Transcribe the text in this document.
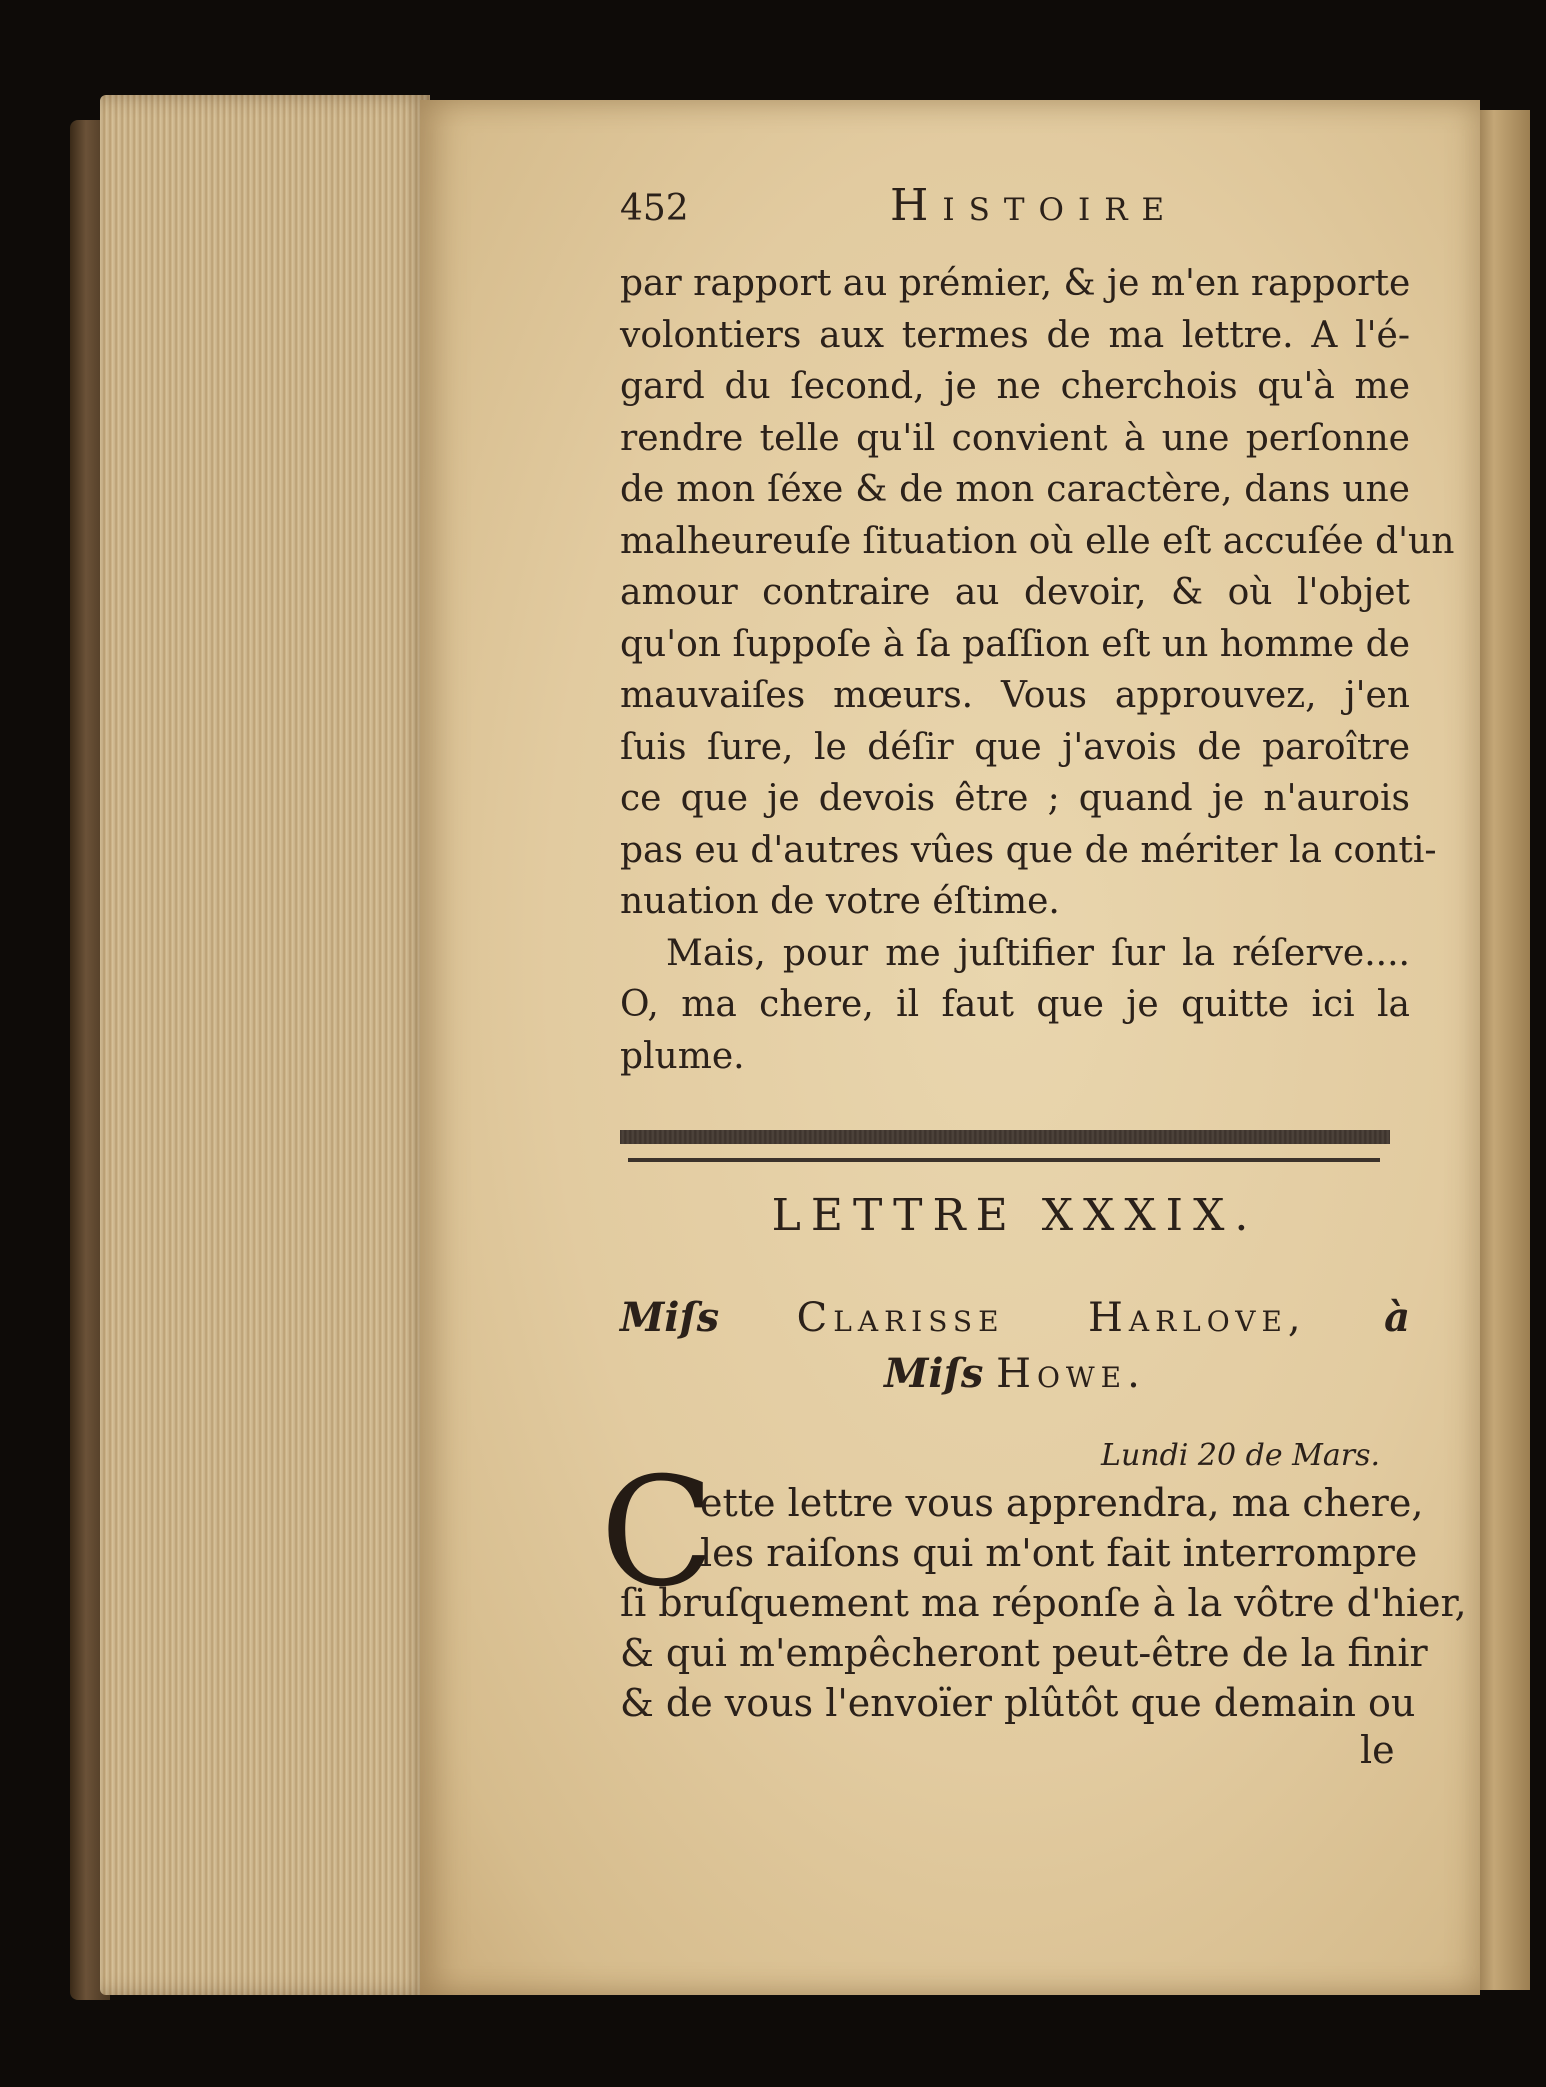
452	Histoire
par rapport au prémier, & je m'en rapporte
volontiers aux termes de ma lettre. A l'é-
gard du ſecond, je ne cherchois qu'à me
rendre telle qu'il convient à une perſonne
de mon ſéxe & de mon caractère, dans une
malheureuſe ſituation où elle eſt accuſée d'un
amour contraire au devoir, & où l'objet
qu'on ſuppoſe à ſa paſſion eſt un homme de
mauvaiſes mœurs. Vous approuvez, j'en
ſuis ſure, le déſir que j'avois de paroître
ce que je devois être ; quand je n'aurois
pas eu d'autres vûes que de mériter la conti-
nuation de votre éſtime.
Mais, pour me juſtifier ſur la réſerve....
O, ma chere, il faut que je quitte ici la
plume.
LETTRE XXXIX.
Miſs Clarisse Harlove, à
Miſs Howe.
Lundi 20 de Mars.
C
ette lettre vous apprendra, ma chere,
les raiſons qui m'ont fait interrompre
ſi bruſquement ma réponſe à la vôtre d'hier,
& qui m'empêcheront peut-être de la finir
& de vous l'envoïer plûtôt que demain ou
le
